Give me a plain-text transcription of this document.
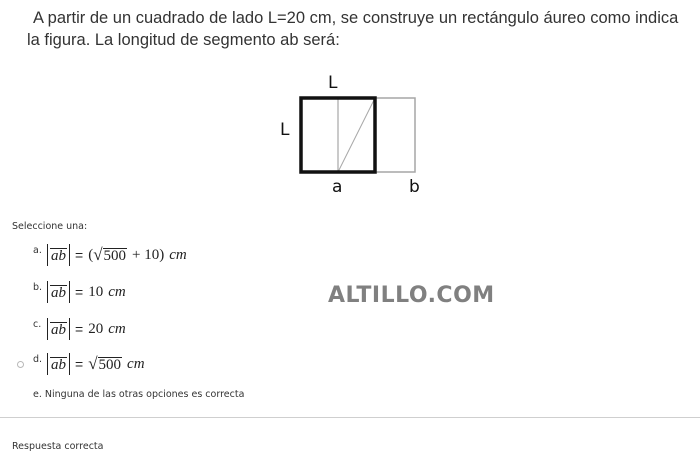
A partir de un cuadrado de lado L=20 cm, se construye un rectángulo áureo como indica la figura. La longitud de segmento ab será:
L
L
a	b
Seleccione una:
a. ab = ( √ 500 + 10) cm
b. ab = 10 cm
c. ab = 20 cm
d. ab = √ 500 cm
e. Ninguna de las otras opciones es correcta
ALTILLO.COM
Respuesta correcta
